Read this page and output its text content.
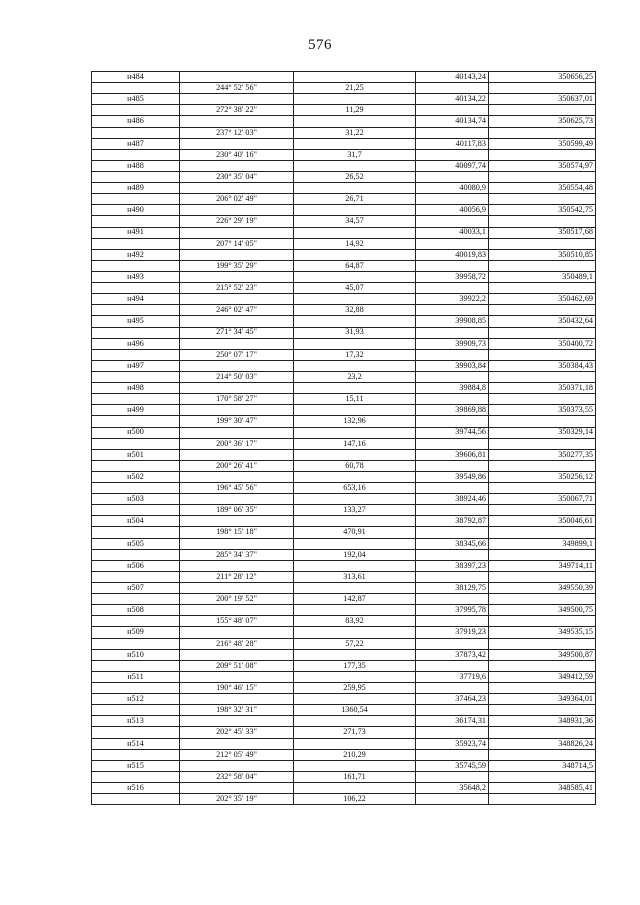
576
н484			40143,24	350656,25
	244° 52' 56"	21,25		
н485			40134,22	350637,01
	272° 38' 22"	11,29		
н486			40134,74	350625,73
	237° 12' 03"	31,22		
н487			40117,83	350599,49
	230° 40' 16"	31,7		
н488			40097,74	350574,97
	230° 35' 04"	26,52		
н489			40080,9	350554,48
	206° 02' 49"	26,71		
н490			40056,9	350542,75
	226° 29' 19"	34,57		
н491			40033,1	350517,68
	207° 14' 05"	14,92		
н492			40019,83	350510,85
	199° 35' 29"	64,87		
н493			39958,72	350489,1
	215° 52' 23"	45,07		
н494			39922,2	350462,69
	246° 02' 47"	32,88		
н495			39908,85	350432,64
	271° 34' 45"	31,93		
н496			39909,73	350400,72
	250° 07' 17"	17,32		
н497			39903,84	350384,43
	214° 50' 03"	23,2		
н498			39884,8	350371,18
	170° 58' 27"	15,11		
н499			39869,88	350373,55
	199° 30' 47"	132,96		
н500			39744,56	350329,14
	200° 36' 17"	147,16		
н501			39606,81	350277,35
	200° 26' 41"	60,78		
н502			39549,86	350256,12
	196° 45' 56"	653,16		
н503			38924,46	350067,71
	189° 06' 35"	133,27		
н504			38792,87	350046,61
	198° 15' 18"	470,91		
н505			38345,66	349899,1
	285° 34' 37"	192,04		
н506			38397,23	349714,11
	211° 28' 12"	313,61		
н507			38129,75	349550,39
	200° 19' 52"	142,87		
н508			37995,78	349500,75
	155° 48' 07"	83,92		
н509			37919,23	349535,15
	216° 48' 28"	57,22		
н510			37873,42	349500,87
	209° 51' 08"	177,35		
н511			37719,6	349412,59
	190° 46' 15"	259,95		
н512			37464,23	349364,01
	198° 32' 31"	1360,54		
н513			36174,31	348931,36
	202° 45' 33"	271,73		
н514			35923,74	348826,24
	212° 05' 49"	210,29		
н515			35745,59	348714,5
	232° 58' 04"	161,71		
н516			35648,2	348585,41
	202° 35' 19"	106,22		
